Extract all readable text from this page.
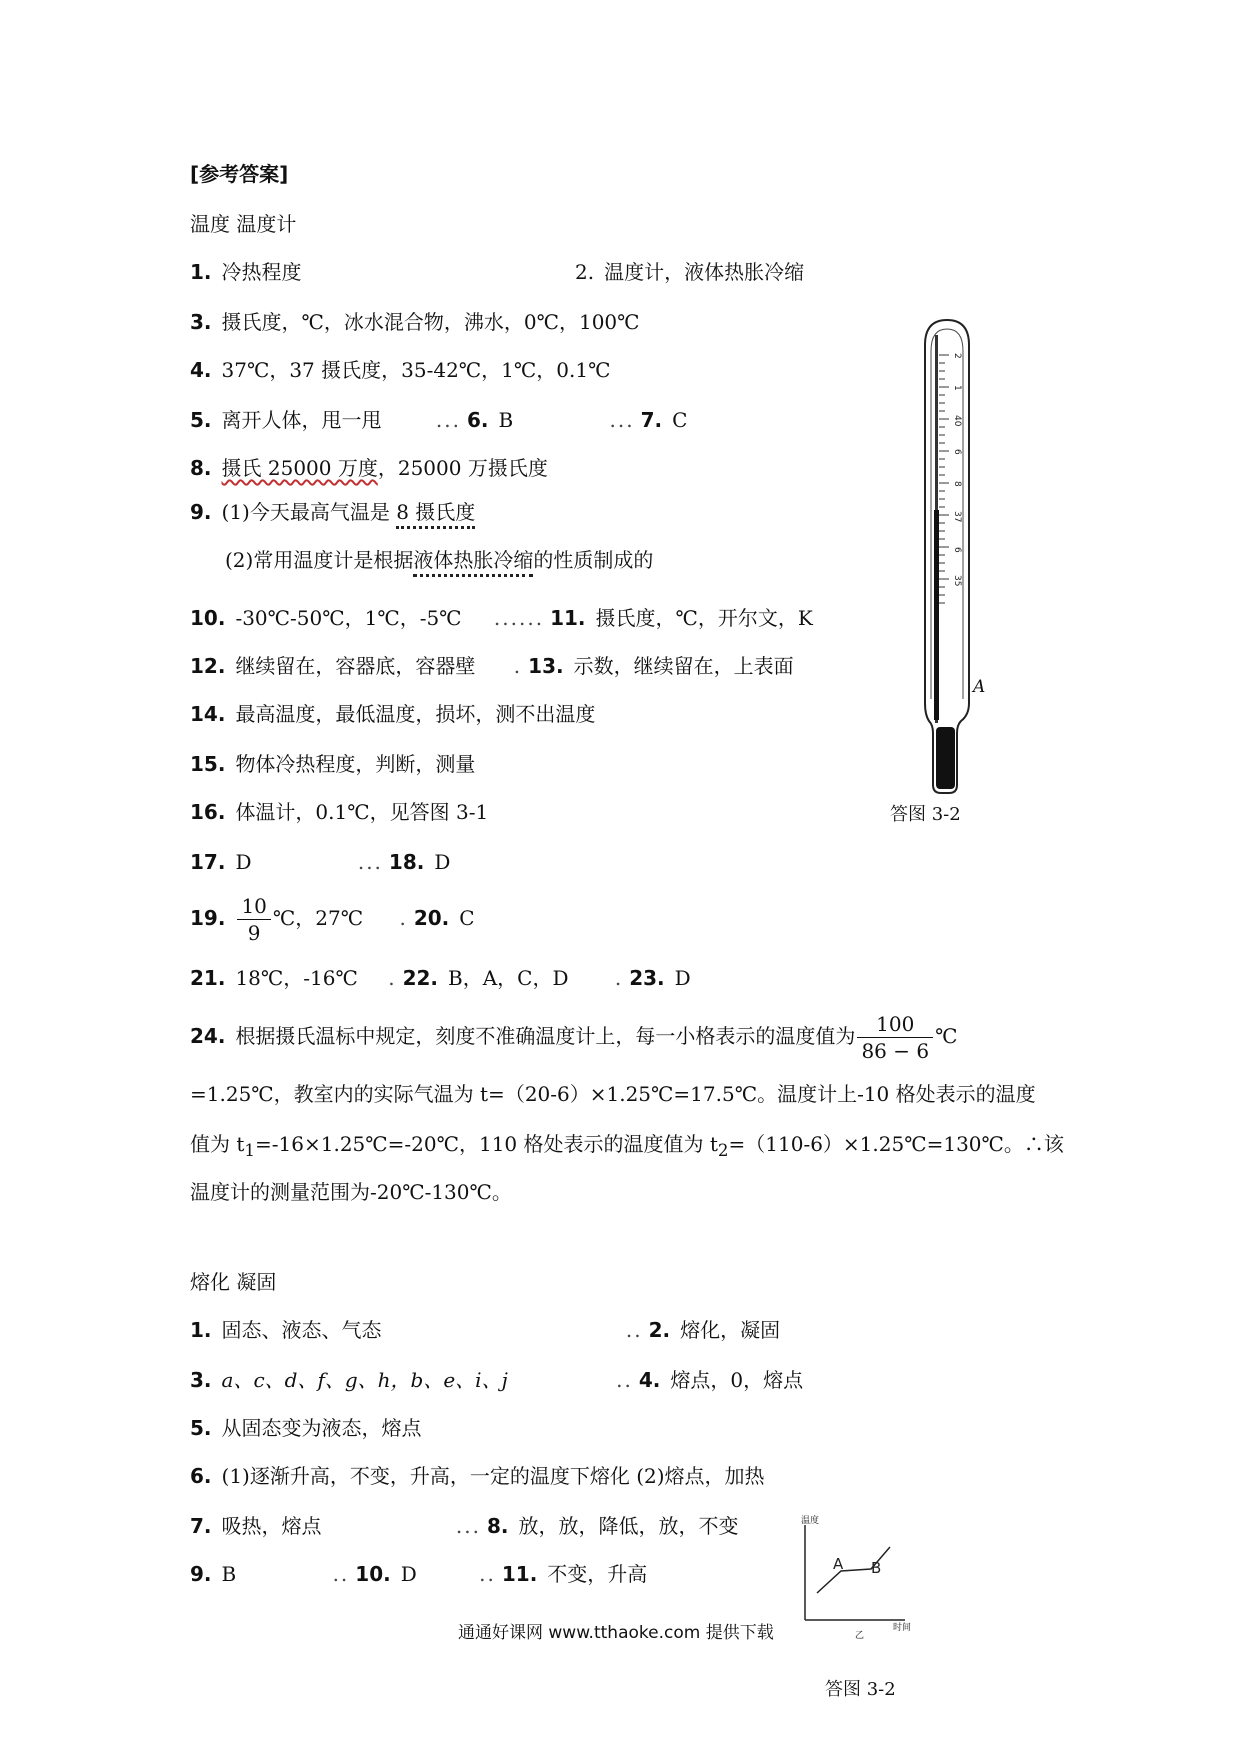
[参考答案]
温度 温度计
1. 冷热程度	2. 温度计，液体热胀冷缩
3. 摄氏度，℃，冰水混合物，沸水，0℃，100℃
4. 37℃，37 摄氏度，35-42℃，1℃，0.1℃
5. 离开人体，甩一甩	... 6. B	... 7. C
8. 摄氏 25000 万度，25000 万摄氏度
9. (1)今天最高气温是 8 摄氏度
(2)常用温度计是根据液体热胀冷缩的性质制成的
10. -30℃-50℃，1℃，-5℃ ...... 11. 摄氏度，℃，开尔文，K
12. 继续留在，容器底，容器壁 . 13. 示数，继续留在，上表面
14. 最高温度，最低温度，损坏，测不出温度
15. 物体冷热程度，判断，测量
16. 体温计，0.1℃，见答图 3-1
17. D	... 18. D
19. $\frac{10}{9}$ ℃，27℃ . 20. C
21. 18℃，-16℃ . 22. B，A，C，D . 23. D
24. 根据摄氏温标中规定，刻度不准确温度计上，每一小格表示的温度值为 $\frac{100}{86 - 6}$ ℃
=1.25℃，教室内的实际气温为 t=（20-6）×1.25℃=17.5℃。温度计上-10 格处表示的温度
值为 $t_1=-16\times 1.25℃=-20℃$，110 格处表示的温度值为 $t_2=(110-6)\times 1.25℃=130℃$。∴该
温度计的测量范围为-20℃-130℃。
2
1
40
6
8
37
6
35
A
答图 3-2
熔化 凝固
1. 固态、液态、气态	.. 2. 熔化，凝固
3. a、c、d、f、g、h，b、e、i、j	.. 4. 熔点，0，熔点
5. 从固态变为液态，熔点
6. (1)逐渐升高，不变，升高，一定的温度下熔化 (2)熔点，加热
7. 吸热，熔点	... 8. 放，放，降低，放，不变
9. B	.. 10. D	.. 11. 不变，升高
温度
时间
A B
乙
通通好课网 www.tthaoke.com 提供下载
答图 3-2
